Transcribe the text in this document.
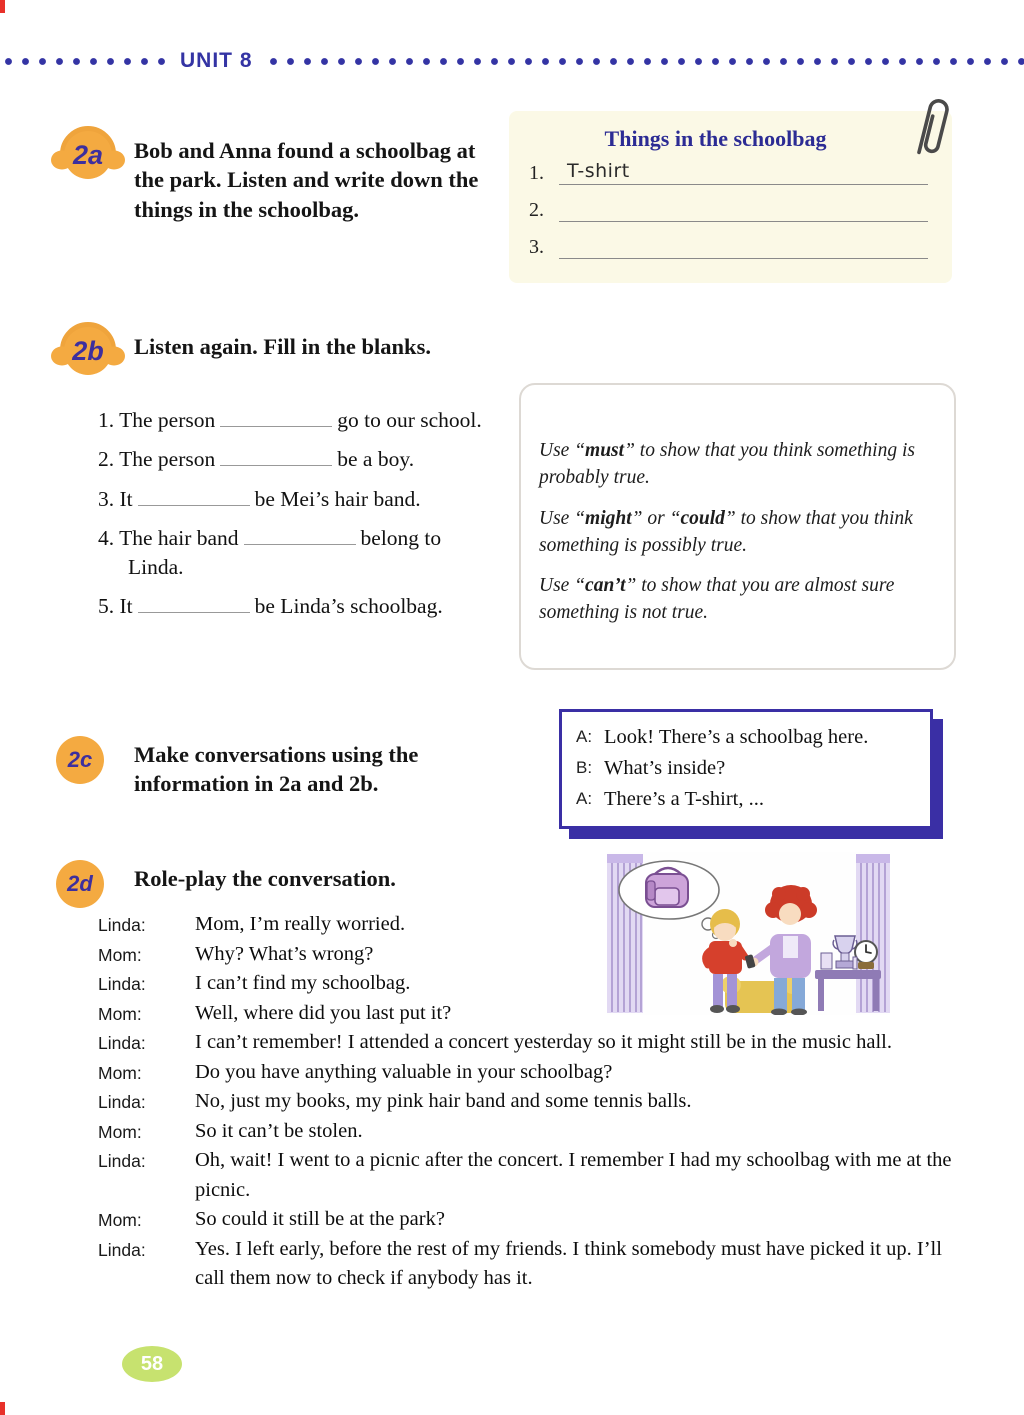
UNIT 8
2a Bob and Anna found a schoolbag at the park. Listen and write down the things in the schoolbag.
Things in the schoolbag
1.	T-shirt
2.
3.
2b Listen again. Fill in the blanks.
1. The person	go to our school.
2. The person	be a boy.
3. It	be Mei’s hair band.
4. The hair band	belong to Linda.
5. It	be Linda’s schoolbag.

Use “must” to show that you think something is probably true.

Use “might” or “could” to show that you think something is possibly true.

Use “can’t” to show that you are almost sure something is not true.

2c Make conversations using the information in 2a and 2b.
A: Look! There’s a schoolbag here.
B: What’s inside?
A: There’s a T-shirt, ...
2d Role-play the conversation.
Linda:	Mom, I’m really worried.
Mom:	Why? What’s wrong?
Linda:	I can’t find my schoolbag.
Mom:	Well, where did you last put it?
Linda:	I can’t remember! I attended a concert yesterday so it might still be in the music hall.
Mom:	Do you have anything valuable in your schoolbag?
Linda:	No, just my books, my pink hair band and some tennis balls.
Mom:	So it can’t be stolen.
Linda:	Oh, wait! I went to a picnic after the concert. I remember I had my schoolbag with me at the picnic.
Mom:	So could it still be at the park?
Linda:	Yes. I left early, before the rest of my friends. I think somebody must have picked it up. I’ll call them now to check if anybody has it.
58
